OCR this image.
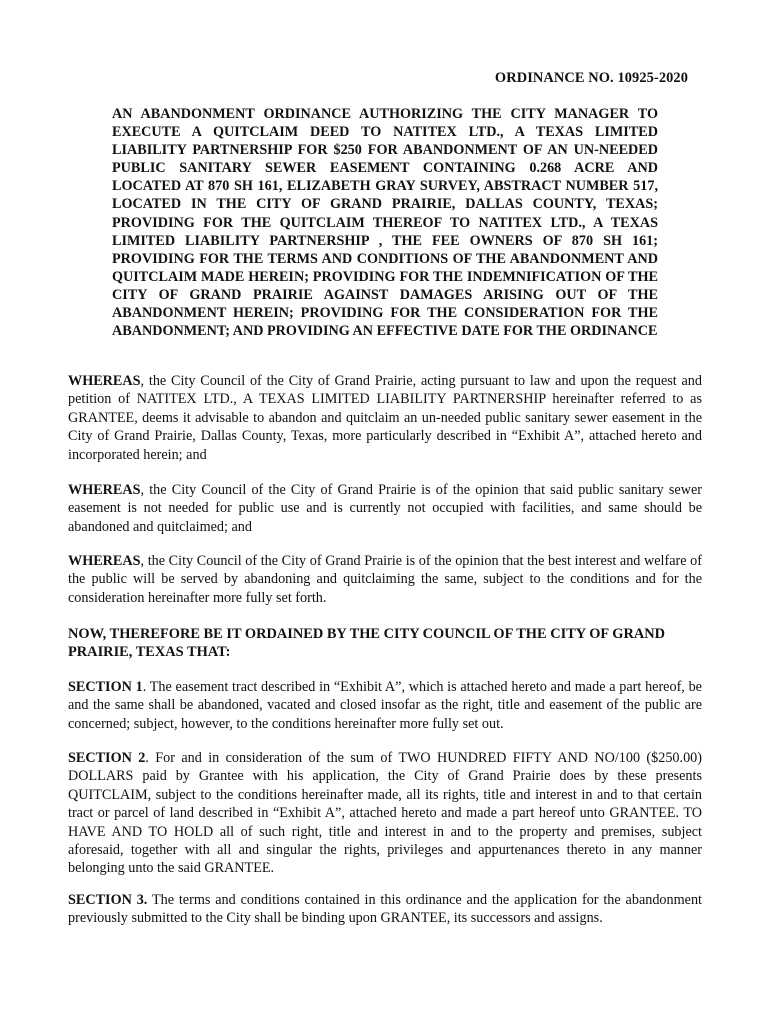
ORDINANCE NO. 10925-2020
AN ABANDONMENT ORDINANCE AUTHORIZING THE CITY MANAGER TO EXECUTE A QUITCLAIM DEED TO NATITEX LTD., A TEXAS LIMITED LIABILITY PARTNERSHIP FOR $250 FOR ABANDONMENT OF AN UN-NEEDED PUBLIC SANITARY SEWER EASEMENT CONTAINING 0.268 ACRE AND LOCATED AT 870 SH 161, ELIZABETH GRAY SURVEY, ABSTRACT NUMBER 517, LOCATED IN THE CITY OF GRAND PRAIRIE, DALLAS COUNTY, TEXAS; PROVIDING FOR THE QUITCLAIM THEREOF TO NATITEX LTD., A TEXAS LIMITED LIABILITY PARTNERSHIP , THE FEE OWNERS OF 870 SH 161; PROVIDING FOR THE TERMS AND CONDITIONS OF THE ABANDONMENT AND QUITCLAIM MADE HEREIN; PROVIDING FOR THE INDEMNIFICATION OF THE CITY OF GRAND PRAIRIE AGAINST DAMAGES ARISING OUT OF THE ABANDONMENT HEREIN; PROVIDING FOR THE CONSIDERATION FOR THE ABANDONMENT; AND PROVIDING AN EFFECTIVE DATE FOR THE ORDINANCE

WHEREAS, the City Council of the City of Grand Prairie, acting pursuant to law and upon the request and petition of NATITEX LTD., A TEXAS LIMITED LIABILITY PARTNERSHIP hereinafter referred to as GRANTEE, deems it advisable to abandon and quitclaim an un-needed public sanitary sewer easement in the City of Grand Prairie, Dallas County, Texas, more particularly described in “Exhibit A”, attached hereto and incorporated herein; and

WHEREAS, the City Council of the City of Grand Prairie is of the opinion that said public sanitary sewer easement is not needed for public use and is currently not occupied with facilities, and same should be abandoned and quitclaimed; and

WHEREAS, the City Council of the City of Grand Prairie is of the opinion that the best interest and welfare of the public will be served by abandoning and quitclaiming the same, subject to the conditions and for the consideration hereinafter more fully set forth.

NOW, THEREFORE BE IT ORDAINED BY THE CITY COUNCIL OF THE CITY OF GRAND PRAIRIE, TEXAS THAT:

SECTION 1. The easement tract described in “Exhibit A”, which is attached hereto and made a part hereof, be and the same shall be abandoned, vacated and closed insofar as the right, title and easement of the public are concerned; subject, however, to the conditions hereinafter more fully set out.

SECTION 2. For and in consideration of the sum of TWO HUNDRED FIFTY AND NO/100 ($250.00) DOLLARS paid by Grantee with his application, the City of Grand Prairie does by these presents QUITCLAIM, subject to the conditions hereinafter made, all its rights, title and interest in and to that certain tract or parcel of land described in “Exhibit A”, attached hereto and made a part hereof unto GRANTEE. TO HAVE AND TO HOLD all of such right, title and interest in and to the property and premises, subject aforesaid, together with all and singular the rights, privileges and appurtenances thereto in any manner belonging unto the said GRANTEE.

SECTION 3. The terms and conditions contained in this ordinance and the application for the abandonment previously submitted to the City shall be binding upon GRANTEE, its successors and assigns.
